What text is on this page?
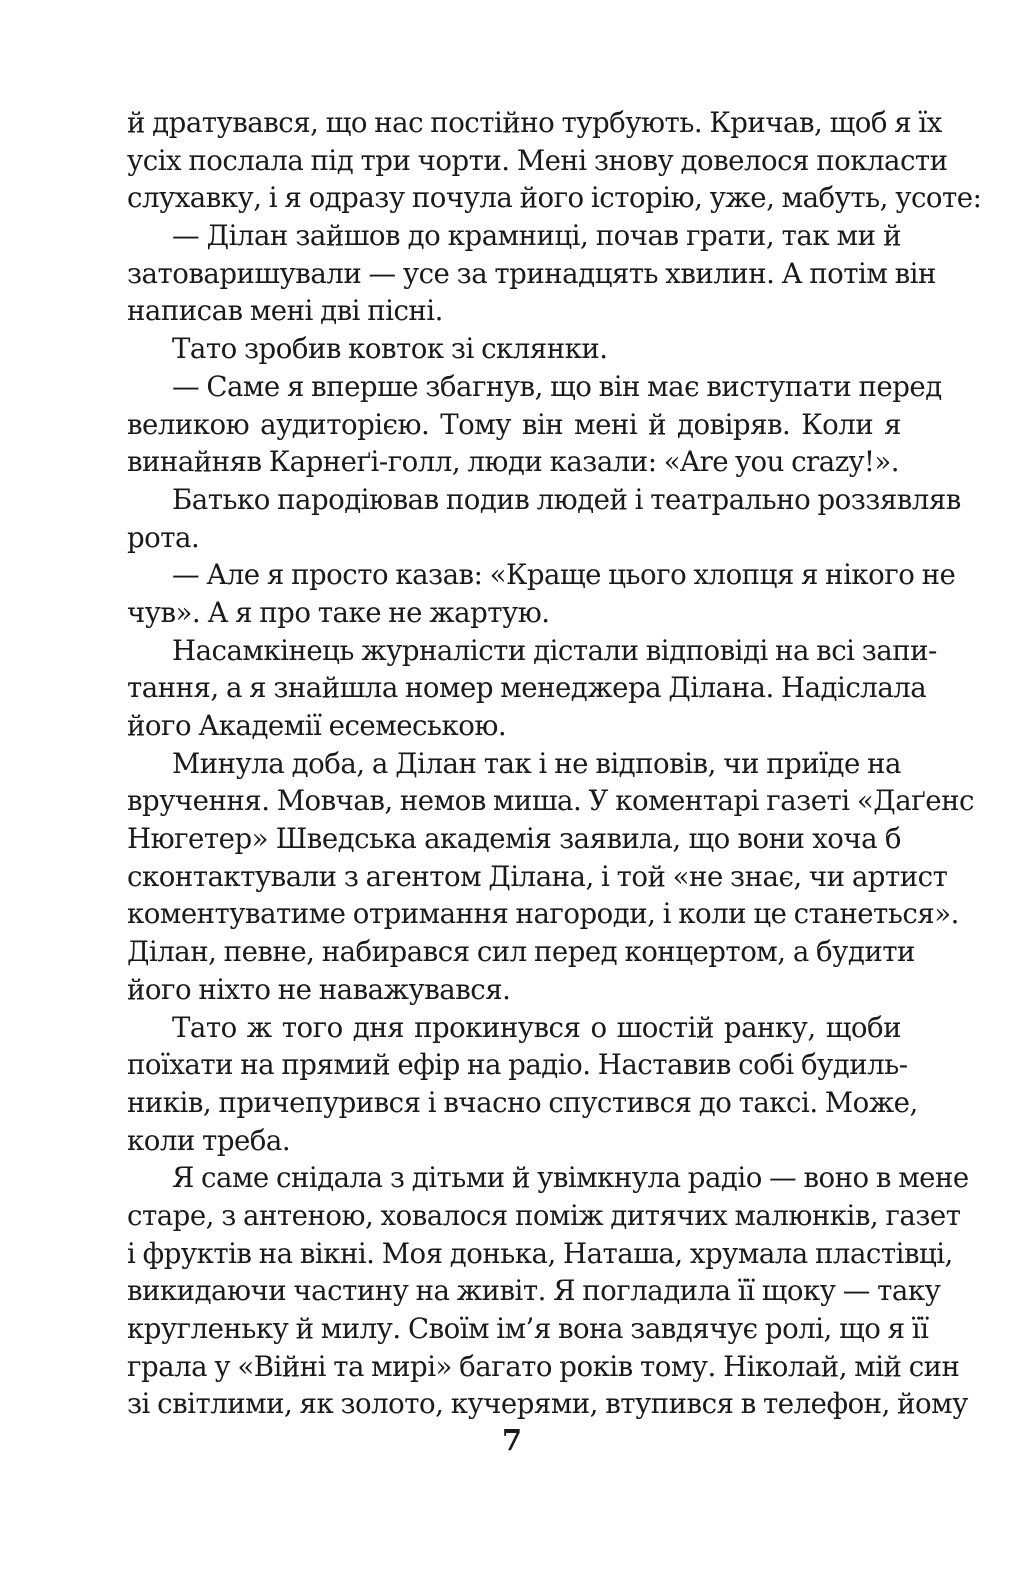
й дратувався, що нас постійно турбують. Кричав, щоб я їх
усіх послала під три чорти. Мені знову довелося покласти
слухавку, і я одразу почула його історію, уже, мабуть, усоте:
— Ділан зайшов до крамниці, почав грати, так ми й
затоваришували — усе за тринадцять хвилин. А потім він
написав мені дві пісні.
Тато зробив ковток зі склянки.
— Саме я вперше збагнув, що він має виступати перед
великою аудиторією. Тому він мені й довіряв. Коли я
винайняв Карнеґі-голл, люди казали: «Are you crazy!».
Батько пародіював подив людей і театрально роззявляв
рота.
— Але я просто казав: «Краще цього хлопця я нікого не
чув». А я про таке не жартую.
Насамкінець журналісти дістали відповіді на всі запи-
тання, а я знайшла номер менеджера Ділана. Надіслала
його Академії есемеською.
Минула доба, а Ділан так і не відповів, чи приїде на
вручення. Мовчав, немов миша. У коментарі газеті «Даґенс
Нюгетер» Шведська академія заявила, що вони хоча б
сконтактували з агентом Ділана, і той «не знає, чи артист
коментуватиме отримання нагороди, і коли це станеться».
Ділан, певне, набирався сил перед концертом, а будити
його ніхто не наважувався.
Тато ж того дня прокинувся о шостій ранку, щоби
поїхати на прямий ефір на радіо. Наставив собі будиль-
ників, причепурився і вчасно спустився до таксі. Може,
коли треба.
Я саме снідала з дітьми й увімкнула радіо — воно в мене
старе, з антеною, ховалося поміж дитячих малюнків, газет
і фруктів на вікні. Моя донька, Наташа, хрумала пластівці,
викидаючи частину на живіт. Я погладила її щоку — таку
кругленьку й милу. Своїм ім’я вона завдячує ролі, що я її
грала у «Війні та мирі» багато років тому. Ніколай, мій син
зі світлими, як золото, кучерями, втупився в телефон, йому
7
